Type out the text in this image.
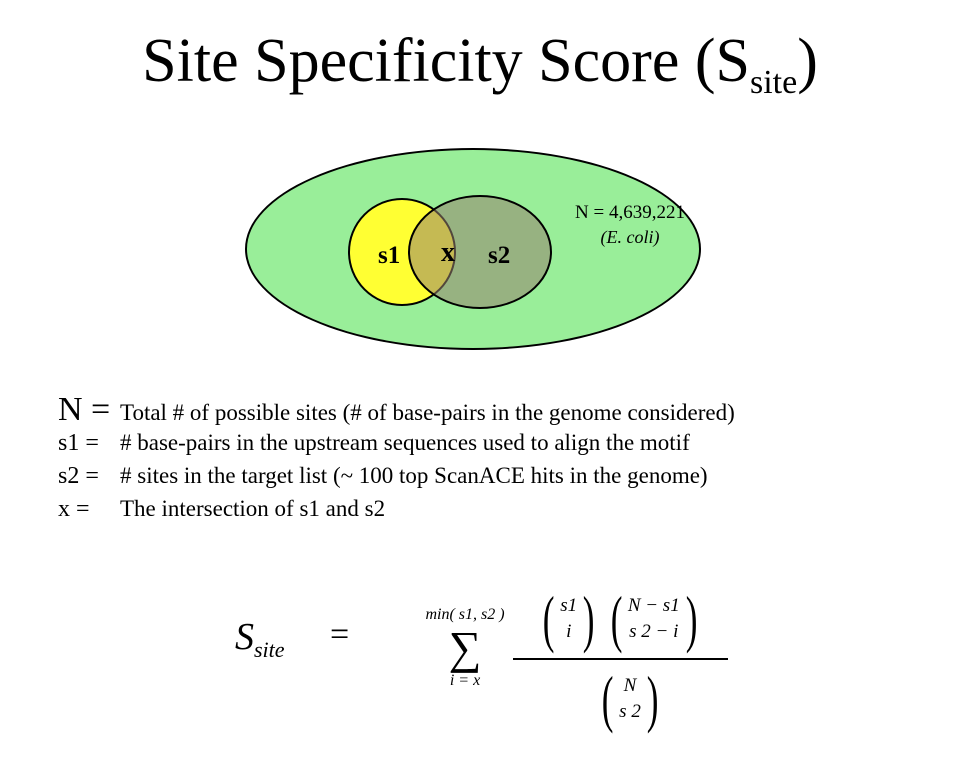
Site Specificity Score (Ssite)
s1 x s2
N = 4,639,221
(E. coli)
N = Total # of possible sites (# of base-pairs in the genome considered)
s1 = # base-pairs in the upstream sequences used to align the motif
s2 = # sites in the target list (~ 100 top ScanACE hits in the genome)
x =	The intersection of s1 and s2
$S_{site}$ =
min( s1, s2 )
∑
i = x
( s1
i ) ( N − s1
s 2 − i )
( N
s 2 )
